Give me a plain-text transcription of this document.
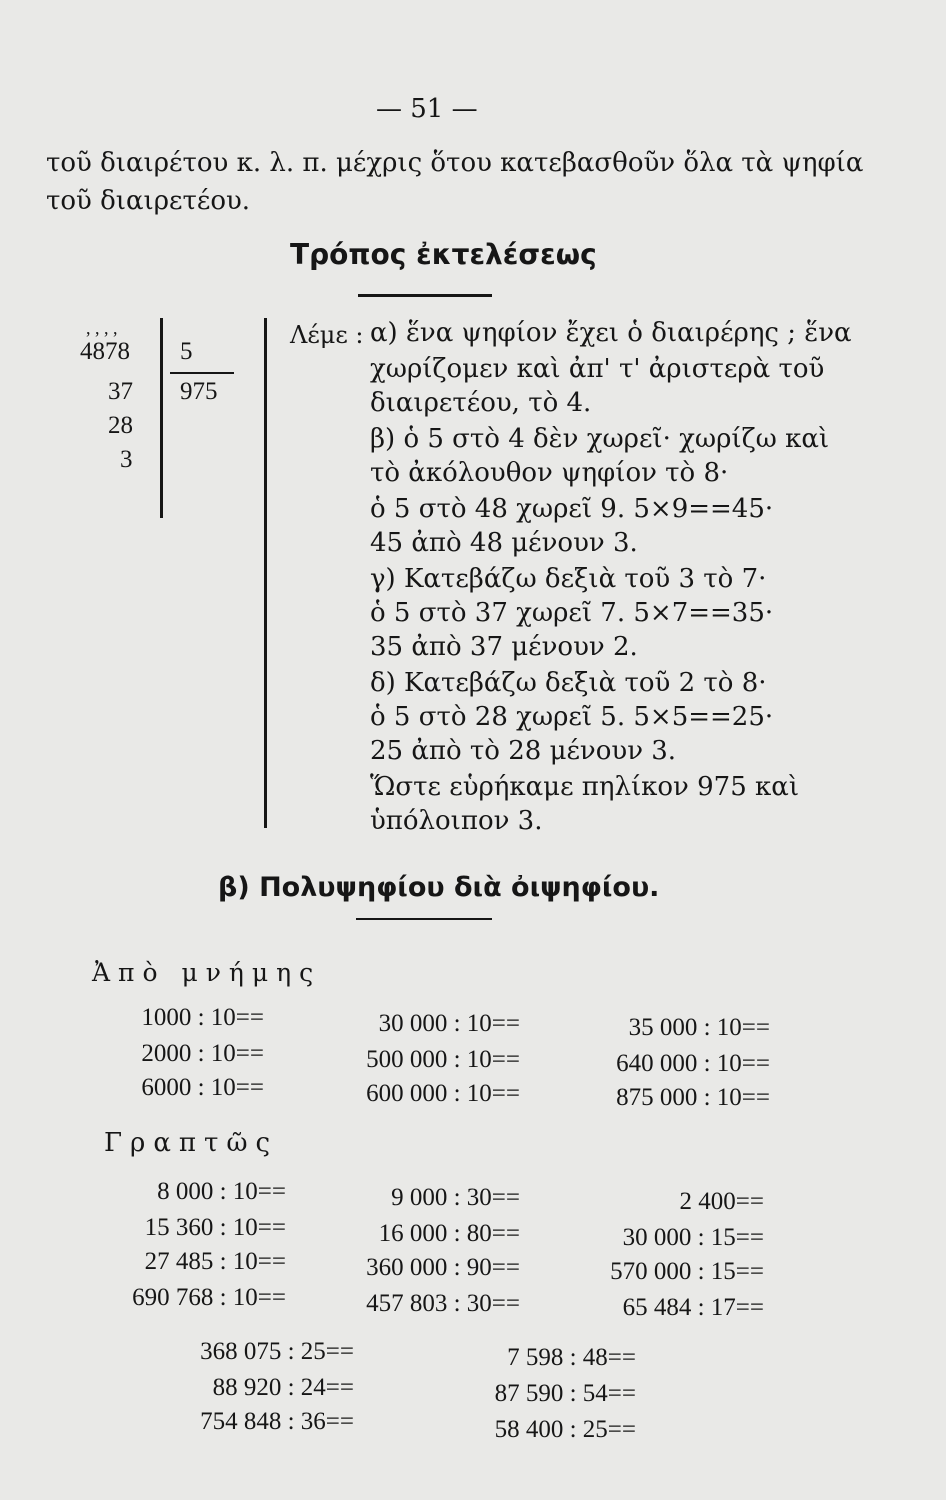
— 51 —
τοῦ διαιρέτου κ. λ. π. μέχρις ὅτου κατεβασθοῦν ὅλα τὰ ψηφία
τοῦ διαιρετέου.
Τρόπος ἐκτελέσεως
, , , ,
4878 5
975
37
28
3
Λέμε : α) ἕνα ψηφίον ἔχει ὁ διαιρέρης ; ἕνα
χωρίζομεν καὶ ἀπ' τ' ἀριστερὰ τοῦ
διαιρετέου, τὸ 4.
β) ὁ 5 στὸ 4 δὲν χωρεῖ· χωρίζω καὶ
τὸ ἀκόλουθον ψηφίον τὸ 8·
ὁ 5 στὸ 48 χωρεῖ 9. 5×9==45·
45 ἀπὸ 48 μένουν 3.
γ) Κατεβάζω δεξιὰ τοῦ 3 τὸ 7·
ὁ 5 στὸ 37 χωρεῖ 7. 5×7==35·
35 ἀπὸ 37 μένουν 2.
δ) Κατεβάζω δεξιὰ τοῦ 2 τὸ 8·
ὁ 5 στὸ 28 χωρεῖ 5. 5×5==25·
25 ἀπὸ τὸ 28 μένουν 3.
Ὥστε εὑρήκαμε πηλίκον 975 καὶ
ὑπόλοιπον 3.
β) Πολυψηφίου διὰ ὀιψηφίου.
Ἀπὸ μνήμης
1000 : 10==
2000 : 10==
6000 : 10==
30 000 : 10==
500 000 : 10==
600 000 : 10==
35 000 : 10==
640 000 : 10==
875 000 : 10==
Γραπτῶς
8 000 : 10==
15 360 : 10==
27 485 : 10==
690 768 : 10==
9 000 : 30==
16 000 : 80==
360 000 : 90==
457 803 : 30==
2 400==
30 000 : 15==
570 000 : 15==
65 484 : 17==
368 075 : 25==
88 920 : 24==
754 848 : 36==
7 598 : 48==
87 590 : 54==
58 400 : 25==
